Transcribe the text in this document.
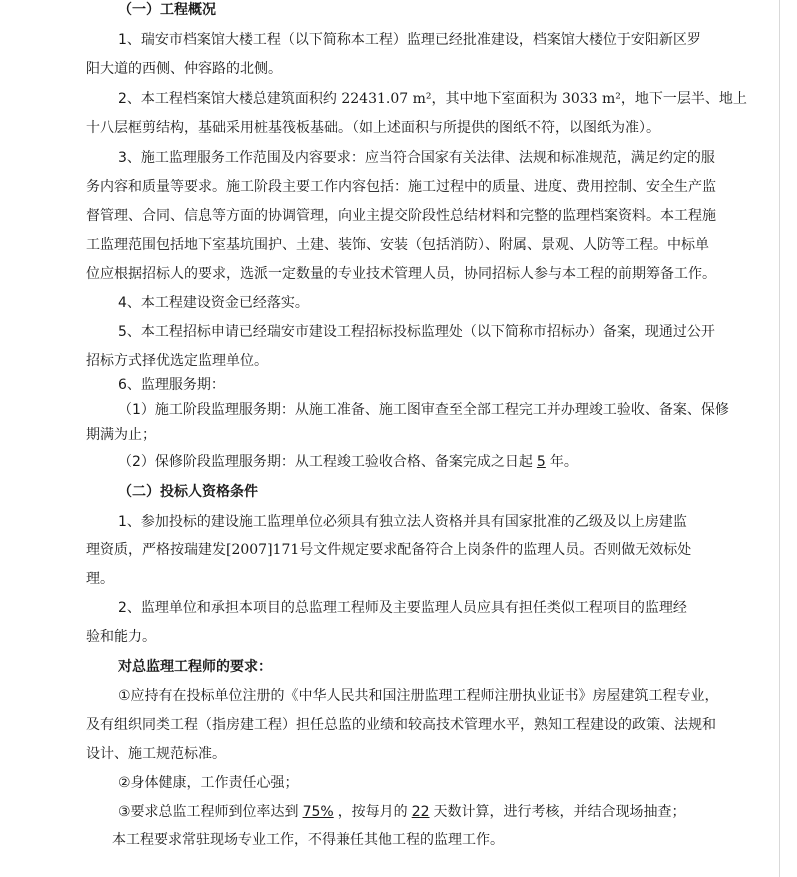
（一）工程概况
1、瑞安市档案馆大楼工程（以下简称本工程）监理已经批准建设，档案馆大楼位于安阳新区罗
阳大道的西侧、仲容路的北侧。
2、本工程档案馆大楼总建筑面积约 22431.07 m²，其中地下室面积为 3033 m²，地下一层半、地上
十八层框剪结构，基础采用桩基筏板基础。（如上述面积与所提供的图纸不符，以图纸为准）。
3、施工监理服务工作范围及内容要求：应当符合国家有关法律、法规和标准规范，满足约定的服
务内容和质量等要求。施工阶段主要工作内容包括：施工过程中的质量、进度、费用控制、安全生产监
督管理、合同、信息等方面的协调管理，向业主提交阶段性总结材料和完整的监理档案资料。本工程施
工监理范围包括地下室基坑围护、土建、装饰、安装（包括消防）、附属、景观、人防等工程。中标单
位应根据招标人的要求，选派一定数量的专业技术管理人员，协同招标人参与本工程的前期筹备工作。
4、本工程建设资金已经落实。
5、本工程招标申请已经瑞安市建设工程招标投标监理处（以下简称市招标办）备案，现通过公开
招标方式择优选定监理单位。
6、监理服务期：
（1）施工阶段监理服务期：从施工准备、施工图审查至全部工程完工并办理竣工验收、备案、保修
期满为止；
（2）保修阶段监理服务期：从工程竣工验收合格、备案完成之日起 5 年。
（二）投标人资格条件
1、参加投标的建设施工监理单位必须具有独立法人资格并具有国家批准的乙级及以上房建监
理资质，严格按瑞建发[2007]171号文件规定要求配备符合上岗条件的监理人员。否则做无效标处
理。
2、监理单位和承担本项目的总监理工程师及主要监理人员应具有担任类似工程项目的监理经
验和能力。
对总监理工程师的要求：
①应持有在投标单位注册的《中华人民共和国注册监理工程师注册执业证书》房屋建筑工程专业，
及有组织同类工程（指房建工程）担任总监的业绩和较高技术管理水平，熟知工程建设的政策、法规和
设计、施工规范标准。
②身体健康，工作责任心强；
③要求总监工程师到位率达到 75% ，按每月的 22 天数计算，进行考核，并结合现场抽查；
本工程要求常驻现场专业工作，不得兼任其他工程的监理工作。
